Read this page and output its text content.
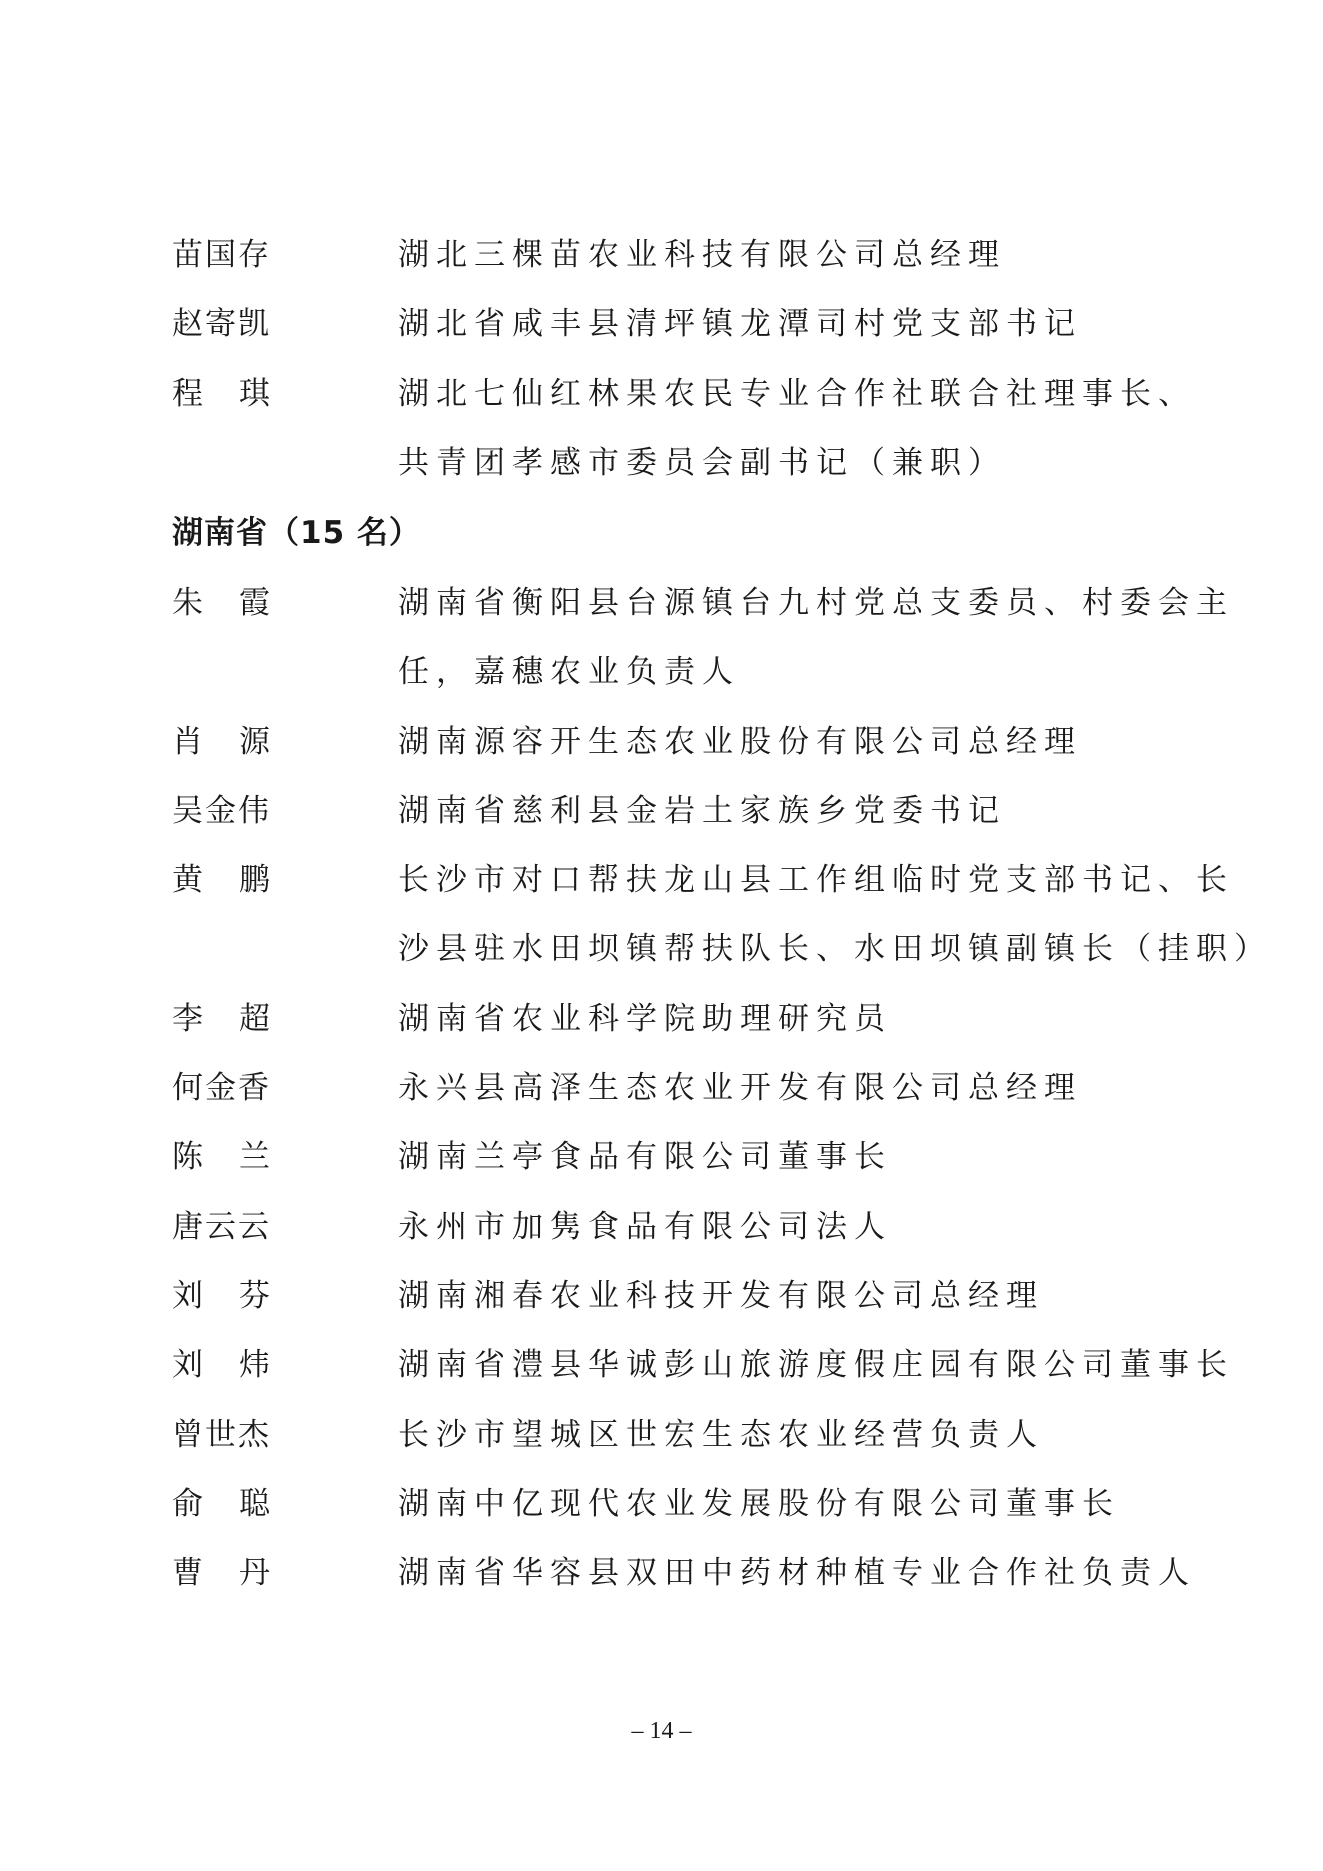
苗国存	湖北三棵苗农业科技有限公司总经理
赵寄凯	湖北省咸丰县清坪镇龙潭司村党支部书记
程 琪	湖北七仙红林果农民专业合作社联合社理事长、
共青团孝感市委员会副书记（兼职）
湖南省（15 名）
朱 霞	湖南省衡阳县台源镇台九村党总支委员、村委会主
任，嘉穗农业负责人
肖 源	湖南源容开生态农业股份有限公司总经理
吴金伟	湖南省慈利县金岩土家族乡党委书记
黄 鹏	长沙市对口帮扶龙山县工作组临时党支部书记、长
沙县驻水田坝镇帮扶队长、水田坝镇副镇长（挂职）
李 超	湖南省农业科学院助理研究员
何金香	永兴县高泽生态农业开发有限公司总经理
陈 兰	湖南兰亭食品有限公司董事长
唐云云	永州市加隽食品有限公司法人
刘 芬	湖南湘春农业科技开发有限公司总经理
刘 炜	湖南省澧县华诚彭山旅游度假庄园有限公司董事长
曾世杰	长沙市望城区世宏生态农业经营负责人
俞 聪	湖南中亿现代农业发展股份有限公司董事长
曹 丹	湖南省华容县双田中药材种植专业合作社负责人
– 14 –
